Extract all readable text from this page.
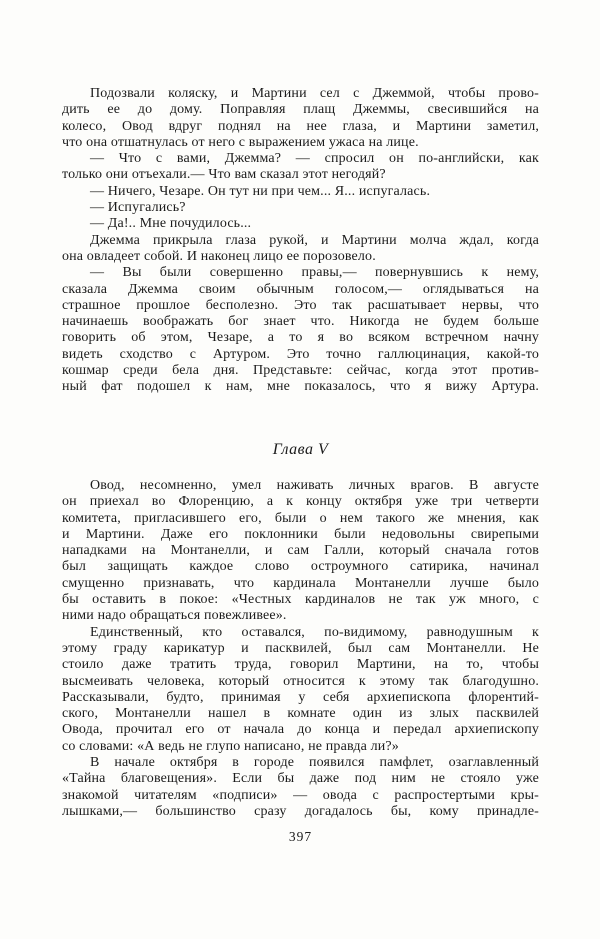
Подозвали коляску, и Мартини сел с Джеммой, чтобы прово-
дить ее до дому. Поправляя плащ Джеммы, свесившийся на
колесо, Овод вдруг поднял на нее глаза, и Мартини заметил,
что она отшатнулась от него с выражением ужаса на лице.
— Что с вами, Джемма? — спросил он по-английски, как
только они отъехали.— Что вам сказал этот негодяй?
— Ничего, Чезаре. Он тут ни при чем... Я... испугалась.
— Испугались?
— Да!.. Мне почудилось...
Джемма прикрыла глаза рукой, и Мартини молча ждал, когда
она овладеет собой. И наконец лицо ее порозовело.
— Вы были совершенно правы,— повернувшись к нему,
сказала Джемма своим обычным голосом,— оглядываться на
страшное прошлое бесполезно. Это так расшатывает нервы, что
начинаешь воображать бог знает что. Никогда не будем больше
говорить об этом, Чезаре, а то я во всяком встречном начну
видеть сходство с Артуром. Это точно галлюцинация, какой-то
кошмар среди бела дня. Представьте: сейчас, когда этот против-
ный фат подошел к нам, мне показалось, что я вижу Артура.
Глава V
Овод, несомненно, умел наживать личных врагов. В августе
он приехал во Флоренцию, а к концу октября уже три четверти
комитета, пригласившего его, были о нем такого же мнения, как
и Мартини. Даже его поклонники были недовольны свирепыми
нападками на Монтанелли, и сам Галли, который сначала готов
был защищать каждое слово остроумного сатирика, начинал
смущенно признавать, что кардинала Монтанелли лучше было
бы оставить в покое: «Честных кардиналов не так уж много, с
ними надо обращаться повежливее».
Единственный, кто оставался, по-видимому, равнодушным к
этому граду карикатур и пасквилей, был сам Монтанелли. Не
стоило даже тратить труда, говорил Мартини, на то, чтобы
высмеивать человека, который относится к этому так благодушно.
Рассказывали, будто, принимая у себя архиепископа флорентий-
ского, Монтанелли нашел в комнате один из злых пасквилей
Овода, прочитал его от начала до конца и передал архиепископу
со словами: «А ведь не глупо написано, не правда ли?»
В начале октября в городе появился памфлет, озаглавленный
«Тайна благовещения». Если бы даже под ним не стояло уже
знакомой читателям «подписи» — овода с распростертыми кры-
лышками,— большинство сразу догадалось бы, кому принадле-
397
